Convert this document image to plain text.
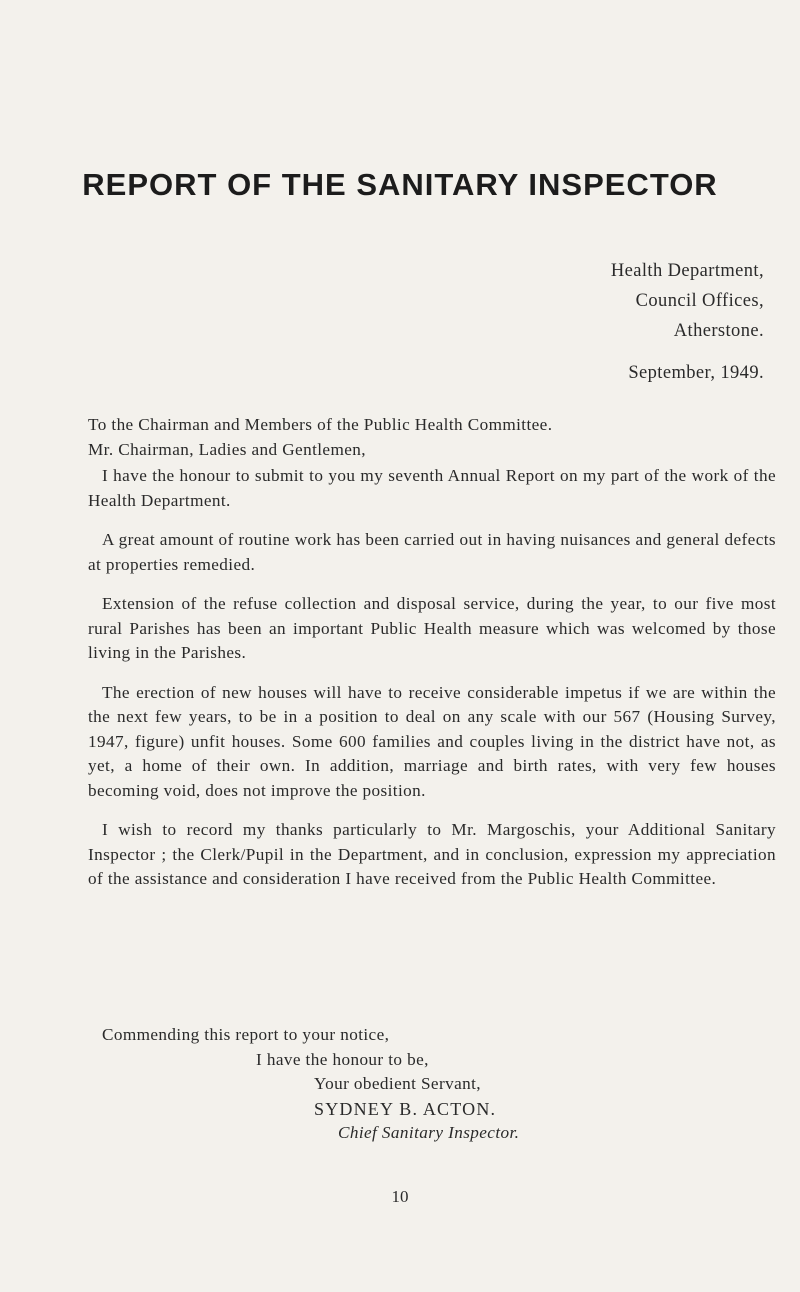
REPORT OF THE SANITARY INSPECTOR
Health Department,
Council Offices,
Atherstone.
September, 1949.

To the Chairman and Members of the Public Health Committee.

Mr. Chairman, Ladies and Gentlemen,

I have the honour to submit to you my seventh Annual Report on my part of the work of the Health Department.

A great amount of routine work has been carried out in having nuisances and general defects at properties remedied.

Extension of the refuse collection and disposal service, during the year, to our five most rural Parishes has been an important Public Health measure which was welcomed by those living in the Parishes.

The erection of new houses will have to receive considerable impetus if we are within the the next few years, to be in a position to deal on any scale with our 567 (Housing Survey, 1947, figure) unfit houses. Some 600 families and couples living in the district have not, as yet, a home of their own. In addition, marriage and birth rates, with very few houses becoming void, does not improve the position.

I wish to record my thanks particularly to Mr. Margoschis, your Additional Sanitary Inspector ; the Clerk/Pupil in the Department, and in conclusion, expression my appreciation of the assistance and consideration I have received from the Public Health Committee.

Commending this report to your notice,
I have the honour to be,
Your obedient Servant,
SYDNEY B. ACTON.
Chief Sanitary Inspector.
10
